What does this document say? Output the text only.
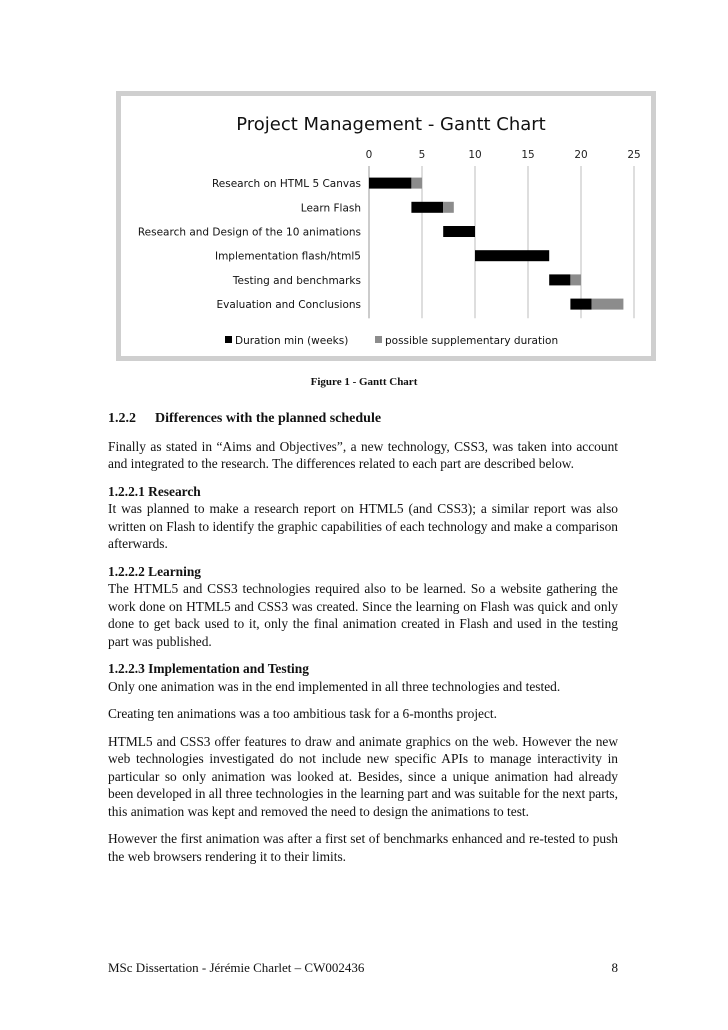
Project Management - Gantt Chart
0	5	10	15	20	25
Research on HTML 5 Canvas
Learn Flash
Research and Design of the 10 animations
Implementation flash/html5
Testing and benchmarks
Evaluation and Conclusions
Duration min (weeks)	possible supplementary duration
Figure 1 - Gantt Chart
1.2.2 Differences with the planned schedule

Finally as stated in “Aims and Objectives”, a new technology, CSS3, was taken into account and integrated to the research. The differences related to each part are described below.

1.2.2.1 Research

It was planned to make a research report on HTML5 (and CSS3); a similar report was also written on Flash to identify the graphic capabilities of each technology and make a comparison afterwards.

1.2.2.2 Learning

The HTML5 and CSS3 technologies required also to be learned. So a website gathering the work done on HTML5 and CSS3 was created. Since the learning on Flash was quick and only done to get back used to it, only the final animation created in Flash and used in the testing part was published.

1.2.2.3 Implementation and Testing

Only one animation was in the end implemented in all three technologies and tested.

Creating ten animations was a too ambitious task for a 6-months project.

HTML5 and CSS3 offer features to draw and animate graphics on the web. However the new web technologies investigated do not include new specific APIs to manage interactivity in particular so only animation was looked at. Besides, since a unique animation had already been developed in all three technologies in the learning part and was suitable for the next parts, this animation was kept and removed the need to design the animations to test.

However the first animation was after a first set of benchmarks enhanced and re-tested to push the web browsers rendering it to their limits.

MSc Dissertation - Jérémie Charlet – CW002436	8
